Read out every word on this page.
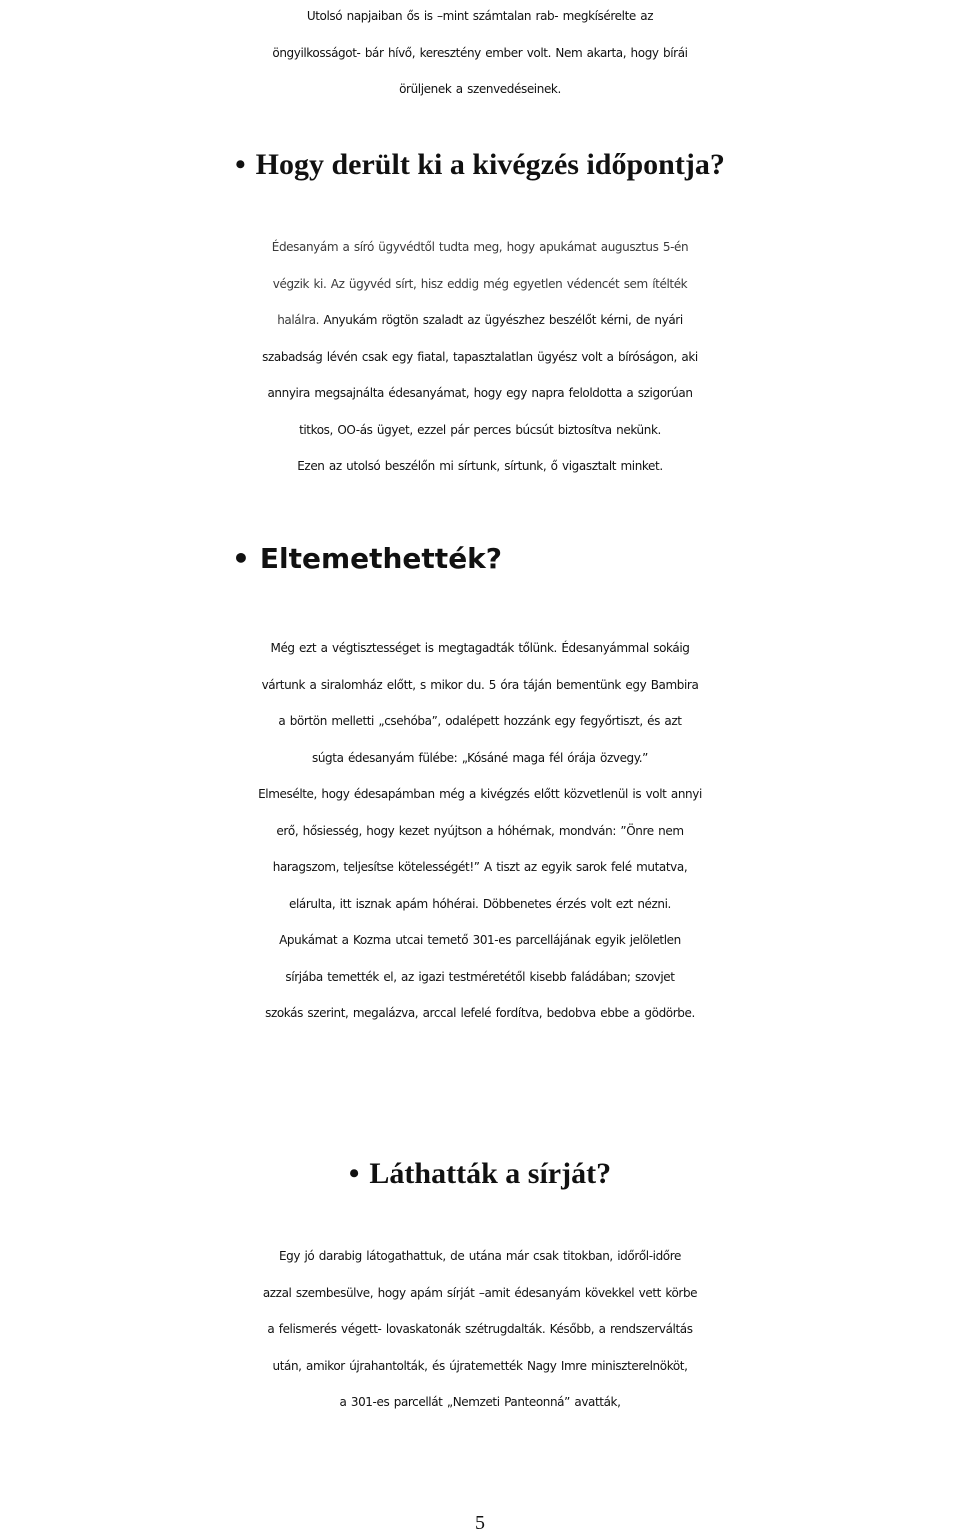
Utolsó napjaiban ős is –mint számtalan rab- megkísérelte az
öngyilkosságot- bár hívő, keresztény ember volt. Nem akarta, hogy bírái
örüljenek a szenvedéseinek.
• Hogy derült ki a kivégzés időpontja?
Édesanyám a síró ügyvédtől tudta meg, hogy apukámat augusztus 5-én
végzik ki. Az ügyvéd sírt, hisz eddig még egyetlen védencét sem ítélték
halálra. Anyukám rögtön szaladt az ügyészhez beszélőt kérni, de nyári
szabadság lévén csak egy fiatal, tapasztalatlan ügyész volt a bíróságon, aki
annyira megsajnálta édesanyámat, hogy egy napra feloldotta a szigorúan
titkos, OO-ás ügyet, ezzel pár perces búcsút biztosítva nekünk.
Ezen az utolsó beszélőn mi sírtunk, sírtunk, ő vigasztalt minket.
• Eltemethették?
Még ezt a végtisztességet is megtagadták tőlünk. Édesanyámmal sokáig
vártunk a siralomház előtt, s mikor du. 5 óra táján bementünk egy Bambira
a börtön melletti „csehóba”, odalépett hozzánk egy fegyőrtiszt, és azt
súgta édesanyám fülébe: „Kósáné maga fél órája özvegy.”
Elmesélte, hogy édesapámban még a kivégzés előtt közvetlenül is volt annyi
erő, hősiesség, hogy kezet nyújtson a hóhérnak, mondván: ”Önre nem
haragszom, teljesítse kötelességét!” A tiszt az egyik sarok felé mutatva,
elárulta, itt isznak apám hóhérai. Döbbenetes érzés volt ezt nézni.
Apukámat a Kozma utcai temető 301-es parcellájának egyik jelöletlen
sírjába temették el, az igazi testméretétől kisebb faládában; szovjet
szokás szerint, megalázva, arccal lefelé fordítva, bedobva ebbe a gödörbe.
• Láthatták a sírját?
Egy jó darabig látogathattuk, de utána már csak titokban, időről-időre
azzal szembesülve, hogy apám sírját –amit édesanyám kövekkel vett körbe
a felismerés végett- lovaskatonák szétrugdalták. Később, a rendszerváltás
után, amikor újrahantolták, és újratemették Nagy Imre miniszterelnököt,
a 301-es parcellát „Nemzeti Panteonná” avatták,
5
